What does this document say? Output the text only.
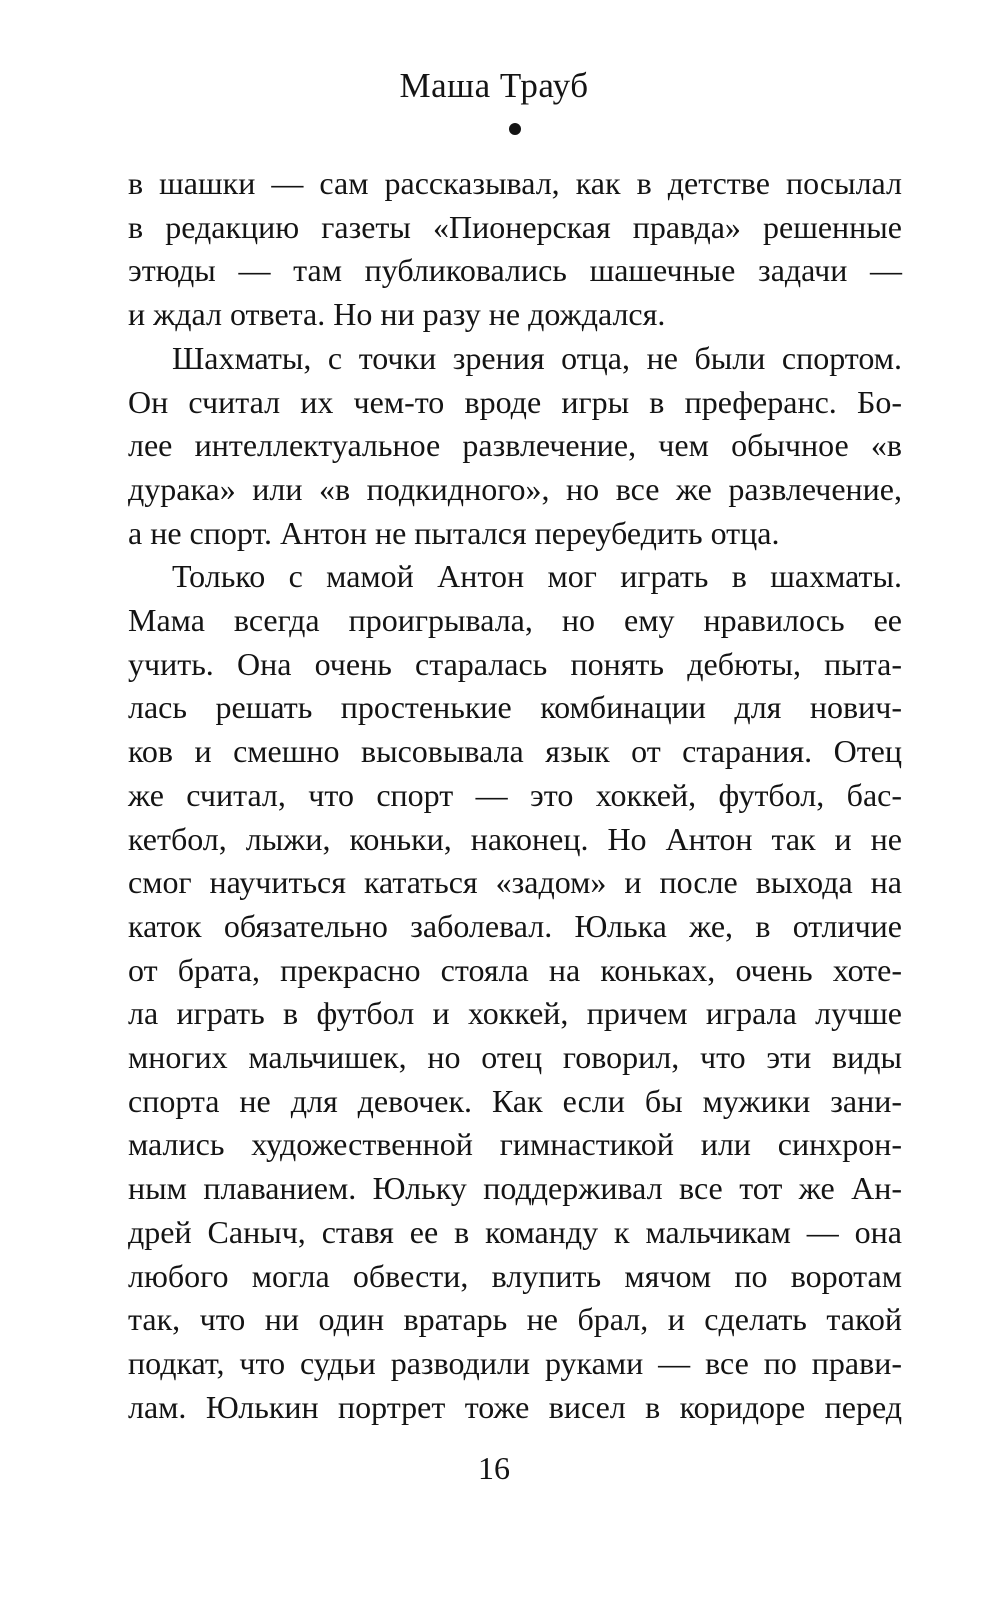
Маша Трауб
в шашки — сам рассказывал, как в детстве посылал
в редакцию газеты «Пионерская правда» решенные
этюды — там публиковались шашечные задачи —
и ждал ответа. Но ни разу не дождался.
Шахматы, с точки зрения отца, не были спортом.
Он считал их чем-то вроде игры в преферанс. Бо-
лее интеллектуальное развлечение, чем обычное «в
дурака» или «в подкидного», но все же развлечение,
а не спорт. Антон не пытался переубедить отца.
Только с мамой Антон мог играть в шахматы.
Мама всегда проигрывала, но ему нравилось ее
учить. Она очень старалась понять дебюты, пыта-
лась решать простенькие комбинации для нович-
ков и смешно высовывала язык от старания. Отец
же считал, что спорт — это хоккей, футбол, бас-
кетбол, лыжи, коньки, наконец. Но Антон так и не
смог научиться кататься «задом» и после выхода на
каток обязательно заболевал. Юлька же, в отличие
от брата, прекрасно стояла на коньках, очень хоте-
ла играть в футбол и хоккей, причем играла лучше
многих мальчишек, но отец говорил, что эти виды
спорта не для девочек. Как если бы мужики зани-
мались художественной гимнастикой или синхрон-
ным плаванием. Юльку поддерживал все тот же Ан-
дрей Саныч, ставя ее в команду к мальчикам — она
любого могла обвести, влупить мячом по воротам
так, что ни один вратарь не брал, и сделать такой
подкат, что судьи разводили руками — все по прави-
лам. Юлькин портрет тоже висел в коридоре перед
16
